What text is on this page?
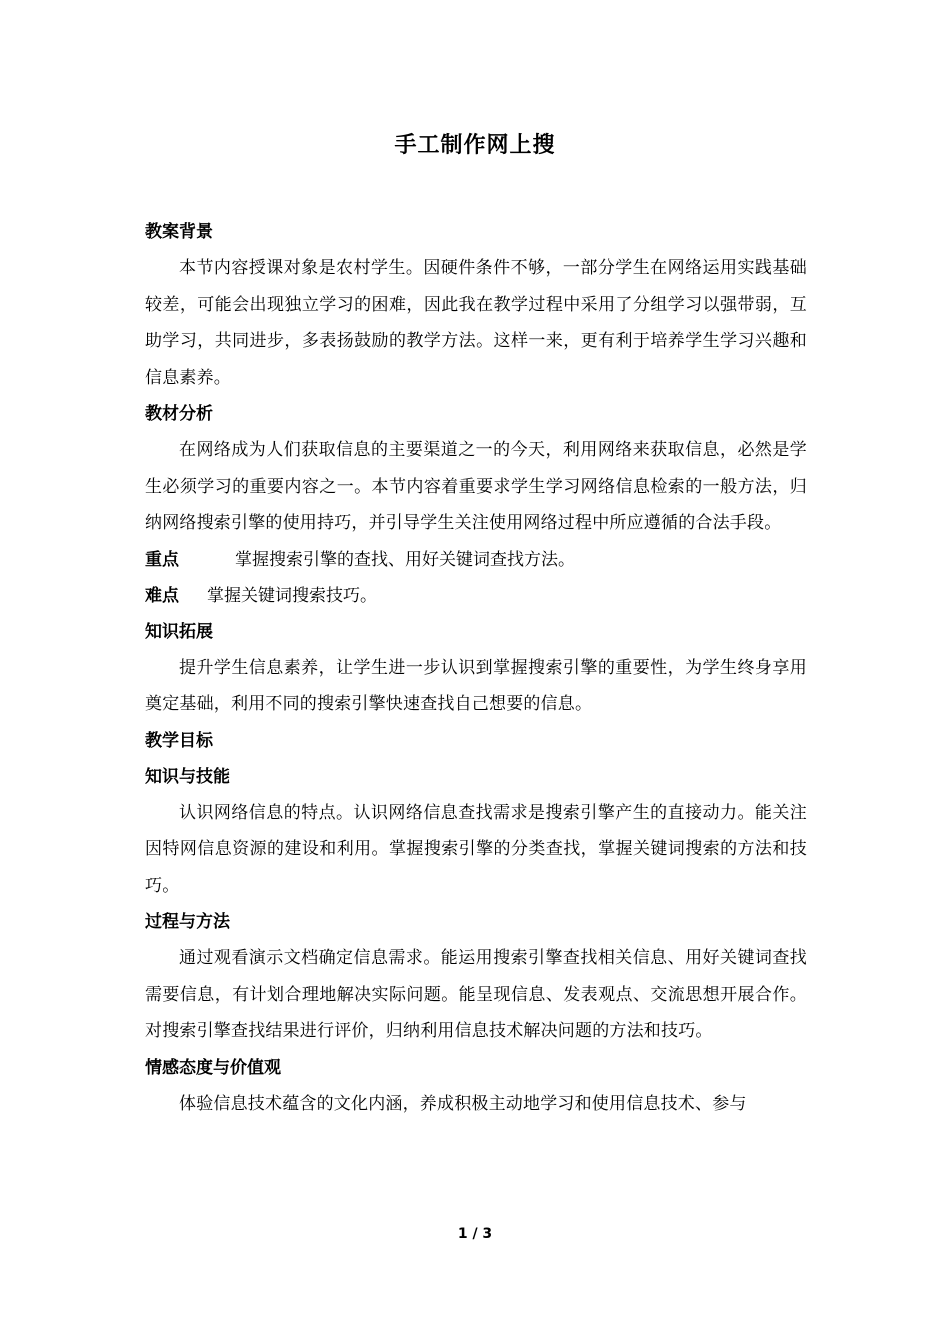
手工制作网上搜

教案背景

本节内容授课对象是农村学生。因硬件条件不够，一部分学生在网络运用实践基础较差，可能会出现独立学习的困难，因此我在教学过程中采用了分组学习以强带弱，互助学习，共同进步，多表扬鼓励的教学方法。这样一来，更有利于培养学生学习兴趣和信息素养。

教材分析

在网络成为人们获取信息的主要渠道之一的今天，利用网络来获取信息，必然是学生必须学习的重要内容之一。本节内容着重要求学生学习网络信息检索的一般方法，归纳网络搜索引擎的使用持巧，并引导学生关注使用网络过程中所应遵循的合法手段。

重点	掌握搜索引擎的查找、用好关键词查找方法。

难点 掌握关键词搜索技巧。

知识拓展

提升学生信息素养，让学生进一步认识到掌握搜索引擎的重要性，为学生终身享用奠定基础，利用不同的搜索引擎快速查找自己想要的信息。

教学目标

知识与技能

认识网络信息的特点。认识网络信息查找需求是搜索引擎产生的直接动力。能关注因特网信息资源的建设和利用。掌握搜索引擎的分类查找，掌握关键词搜索的方法和技巧。

过程与方法

通过观看演示文档确定信息需求。能运用搜索引擎查找相关信息、用好关键词查找需要信息，有计划合理地解决实际问题。能呈现信息、发表观点、交流思想开展合作。对搜索引擎查找结果进行评价，归纳利用信息技术解决问题的方法和技巧。

情感态度与价值观

体验信息技术蕴含的文化内涵，养成积极主动地学习和使用信息技术、参与

1 / 3
